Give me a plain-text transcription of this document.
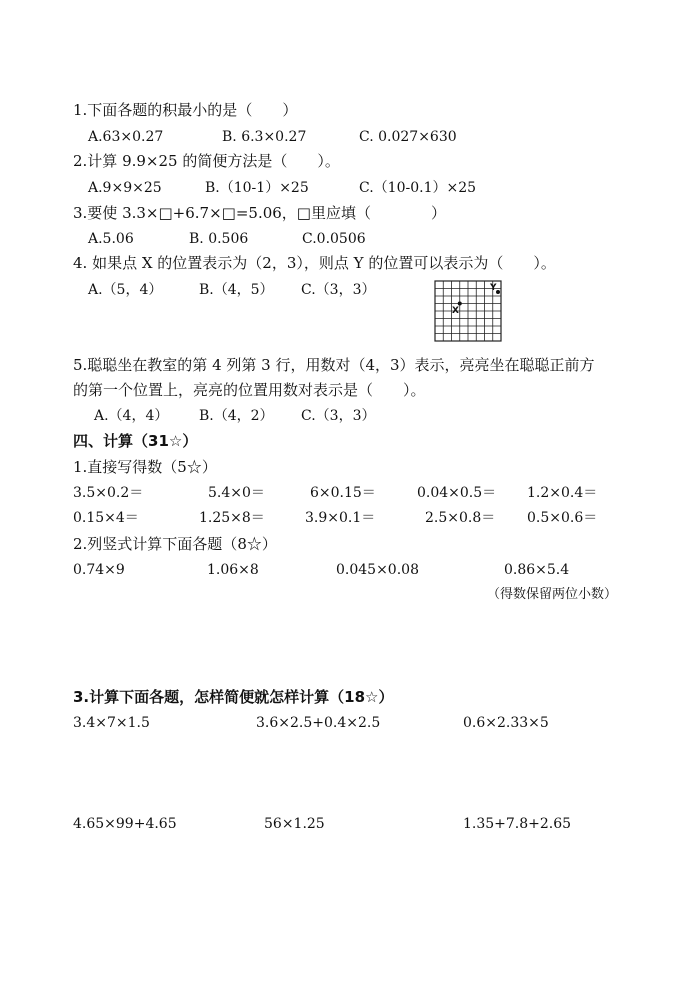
1.下面各题的积最小的是（　　）
A.63×0.27	B. 6.3×0.27	C. 0.027×630
2.计算 9.9×25 的简便方法是（　　）。
A.9×9×25	B.（10-1）×25	C.（10-0.1）×25
3.要使 3.3×□+6.7×□=5.06，□里应填（　　　　）
A.5.06	B. 0.506	C.0.0506
4. 如果点 X 的位置表示为（2，3），则点 Y 的位置可以表示为（　　）。
A.（5，4）	B.（4，5） C.（3，3）
X
Y
5.聪聪坐在教室的第 4 列第 3 行，用数对（4，3）表示，亮亮坐在聪聪正前方
的第一个位置上，亮亮的位置用数对表示是（　　）。
A.（4，4） B.（4，2） C.（3，3）
四、计算（31☆）
1.直接写得数（5☆）
3.5×0.2＝	5.4×0＝	6×0.15＝	0.04×0.5＝ 1.2×0.4＝
0.15×4＝	1.25×8＝	3.9×0.1＝	2.5×0.8＝ 0.5×0.6＝
2.列竖式计算下面各题（8☆）
0.74×9	1.06×8	0.045×0.08	0.86×5.4
（得数保留两位小数）
3.计算下面各题，怎样简便就怎样计算（18☆）
3.4×7×1.5	3.6×2.5+0.4×2.5	0.6×2.33×5
4.65×99+4.65	56×1.25	1.35+7.8+2.65
